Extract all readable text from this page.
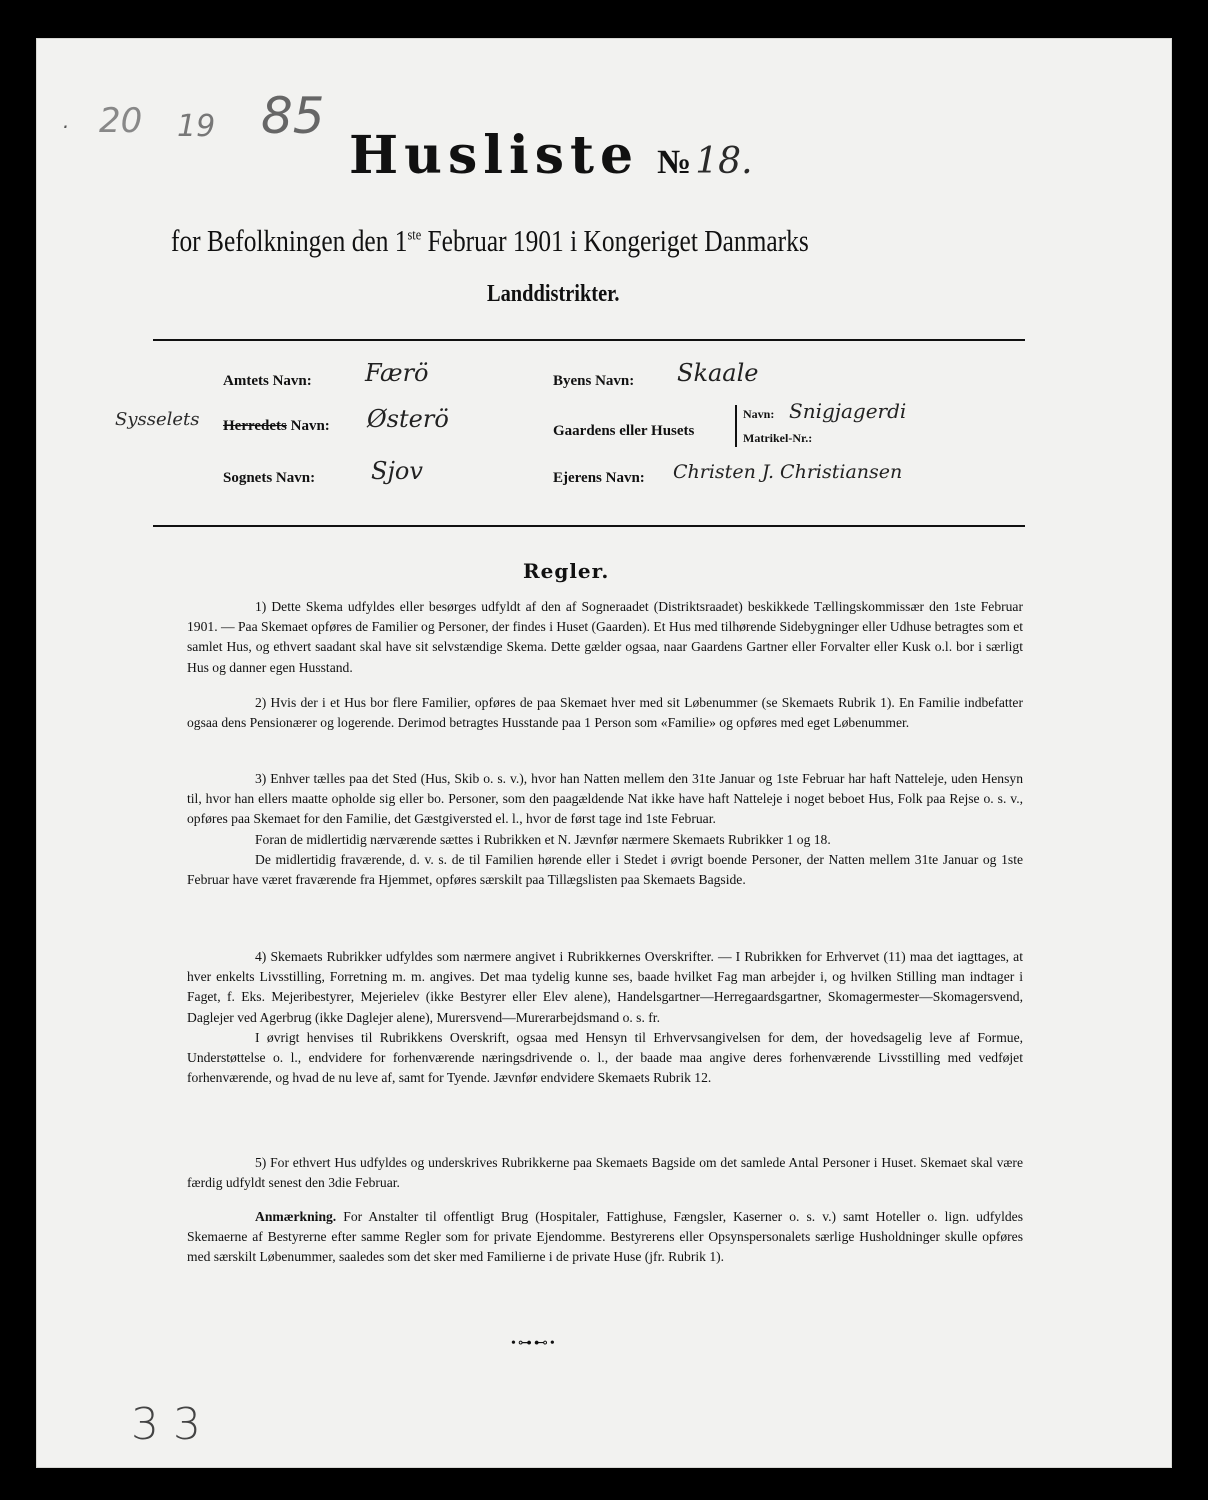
. 20 19 85
Husliste № 18.
for Befolkningen den 1ste Februar 1901 i Kongeriget Danmarks
Landdistrikter.
Amtets Navn: Færö
Sysselets Herredets Navn: Østerö
Sognets Navn: Sjov
Byens Navn: Skaale
Gaardens eller Husets
Navn: Snigjagerdi
Matrikel-Nr.:
Ejerens Navn: Christen J. Christiansen
Regler.

1) Dette Skema udfyldes eller besørges udfyldt af den af Sogneraadet (Distriktsraadet) beskikkede Tællingskommissær den 1ste Februar 1901. — Paa Skemaet opføres de Familier og Personer, der findes i Huset (Gaarden). Et Hus med tilhørende Sidebygninger eller Udhuse betragtes som et samlet Hus, og ethvert saadant skal have sit selvstændige Skema. Dette gælder ogsaa, naar Gaardens Gartner eller Forvalter eller Kusk o.l. bor i særligt Hus og danner egen Husstand.

2) Hvis der i et Hus bor flere Familier, opføres de paa Skemaet hver med sit Løbenummer (se Skemaets Rubrik 1). En Familie indbefatter ogsaa dens Pensionærer og logerende. Derimod betragtes Husstande paa 1 Person som «Familie» og opføres med eget Løbenummer.

3) Enhver tælles paa det Sted (Hus, Skib o. s. v.), hvor han Natten mellem den 31te Januar og 1ste Februar har haft Natteleje, uden Hensyn til, hvor han ellers maatte opholde sig eller bo. Personer, som den paagældende Nat ikke have haft Natteleje i noget beboet Hus, Folk paa Rejse o. s. v., opføres paa Skemaet for den Familie, det Gæstgiversted el. l., hvor de først tage ind 1ste Februar.

Foran de midlertidig nærværende sættes i Rubrikken et N. Jævnfør nærmere Skemaets Rubrikker 1 og 18.

De midlertidig fraværende, d. v. s. de til Familien hørende eller i Stedet i øvrigt boende Personer, der Natten mellem 31te Januar og 1ste Februar have været fraværende fra Hjemmet, opføres særskilt paa Tillægslisten paa Skemaets Bagside.

4) Skemaets Rubrikker udfyldes som nærmere angivet i Rubrikkernes Overskrifter. — I Rubrikken for Erhvervet (11) maa det iagttages, at hver enkelts Livsstilling, Forretning m. m. angives. Det maa tydelig kunne ses, baade hvilket Fag man arbejder i, og hvilken Stilling man indtager i Faget, f. Eks. Mejeribestyrer, Mejerielev (ikke Bestyrer eller Elev alene), Handelsgartner—Herregaardsgartner, Skomagermester—Skomagersvend, Daglejer ved Agerbrug (ikke Daglejer alene), Murersvend—Murerarbejdsmand o. s. fr.

I øvrigt henvises til Rubrikkens Overskrift, ogsaa med Hensyn til Erhvervsangivelsen for dem, der hovedsagelig leve af Formue, Understøttelse o. l., endvidere for forhenværende næringsdrivende o. l., der baade maa angive deres forhenværende Livsstilling med vedføjet forhenværende, og hvad de nu leve af, samt for Tyende. Jævnfør endvidere Skemaets Rubrik 12.

5) For ethvert Hus udfyldes og underskrives Rubrikkerne paa Skemaets Bagside om det samlede Antal Personer i Huset. Skemaet skal være færdig udfyldt senest den 3die Februar.

Anmærkning. For Anstalter til offentligt Brug (Hospitaler, Fattighuse, Fængsler, Kaserner o. s. v.) samt Hoteller o. lign. udfyldes Skemaerne af Bestyrerne efter samme Regler som for private Ejendomme. Bestyrerens eller Opsynspersonalets særlige Husholdninger skulle opføres med særskilt Løbenummer, saaledes som det sker med Familierne i de private Huse (jfr. Rubrik 1).

•⊶⊷•
3 3
